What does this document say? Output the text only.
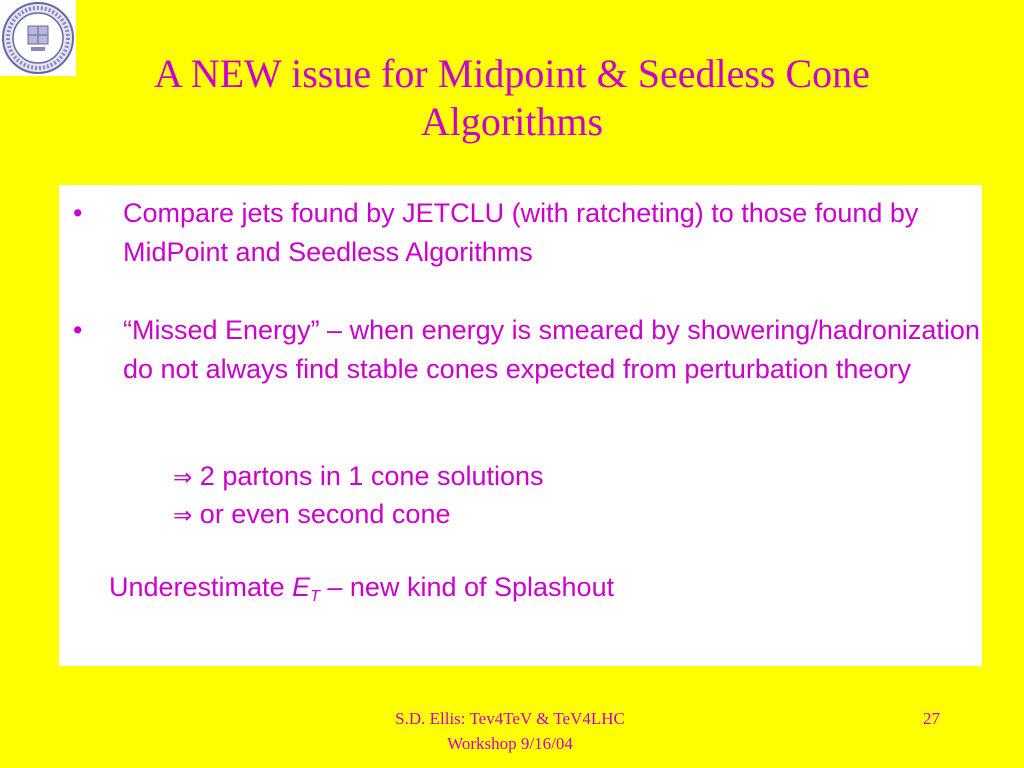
A NEW issue for Midpoint & Seedless Cone Algorithms
• Compare jets found by JETCLU (with ratcheting) to those found by MidPoint and Seedless Algorithms
• “Missed Energy” – when energy is smeared by showering/hadronization do not always find stable cones expected from perturbation theory
⇒ 2 partons in 1 cone solutions
⇒ or even second cone
Underestimate $E_T$ – new kind of Splashout
S.D. Ellis: Tev4TeV & TeV4LHC
Workshop 9/16/04
27
